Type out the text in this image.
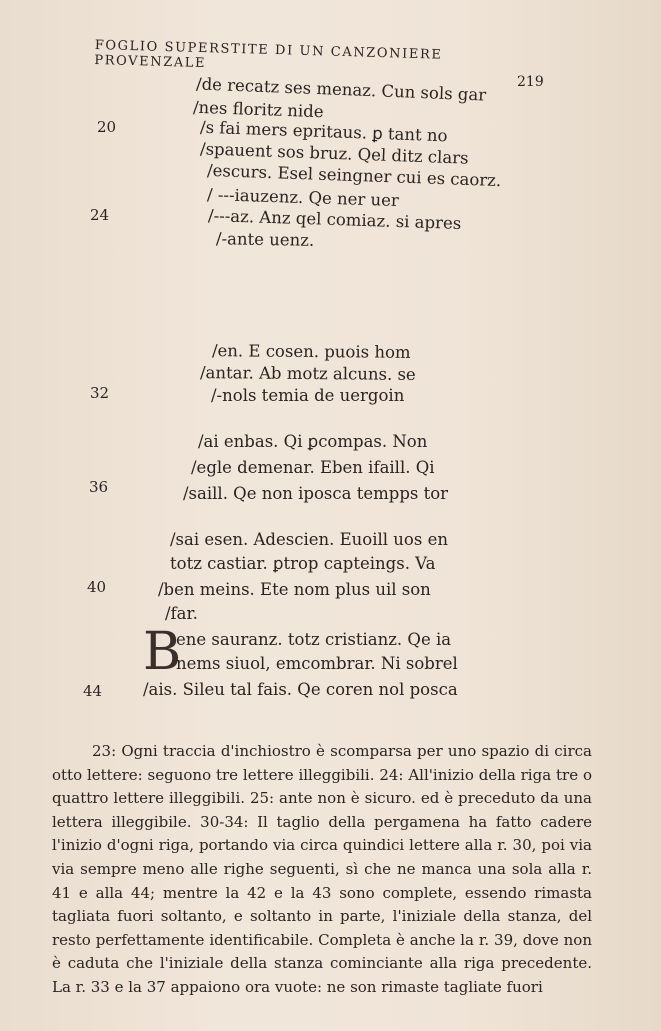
FOGLIO SUPERSTITE DI UN CANZONIERE PROVENZALE
219
/de recatz ses menaz. Cun sols gar
/nes floritz nide
/s fai mers epritaus. ꝑ tant no
/spauent sos bruz. Qel ditz clars
/escurs. Esel seingner cui es caorz.
/ ---iauzenz. Qe ner uer
/---az. Anz qel comiaz. si apres
/-ante uenz.
20
24
/en. E cosen. puois hom
/antar. Ab motz alcuns. se
/-nols temia de uergoin
32
/ai enbas. Qi ꝑcompas. Non
/egle demenar. Eben ifaill. Qi
/saill. Qe non iposca tempps tor
36
/sai esen. Adescien. Euoill uos en
totz castiar. ꝑtrop capteings. Va
/ben meins. Ete nom plus uil son
/far.
40
B
ene sauranz. totz cristianz. Qe ia
nems siuol, emcombrar. Ni sobrel
/ais. Sileu tal fais. Qe coren nol posca
44

23: Ogni traccia d'inchiostro è scomparsa per uno spazio di circa otto lettere: seguono tre lettere illeggibili. 24: All'inizio della riga tre o quattro lettere illeggibili. 25: ante non è sicuro. ed è preceduto da una lettera illeggibile. 30-34: Il taglio della pergamena ha fatto cadere l'inizio d'ogni riga, portando via circa quindici lettere alla r. 30, poi via via sempre meno alle righe seguenti, sì che ne manca una sola alla r. 41 e alla 44; mentre la 42 e la 43 sono complete, essendo rimasta tagliata fuori soltanto, e soltanto in parte, l'iniziale della stanza, del resto perfettamente identificabile. Completa è anche la r. 39, dove non è caduta che l'iniziale della stanza cominciante alla riga precedente. La r. 33 e la 37 appaiono ora vuote: ne son rimaste tagliate fuori
